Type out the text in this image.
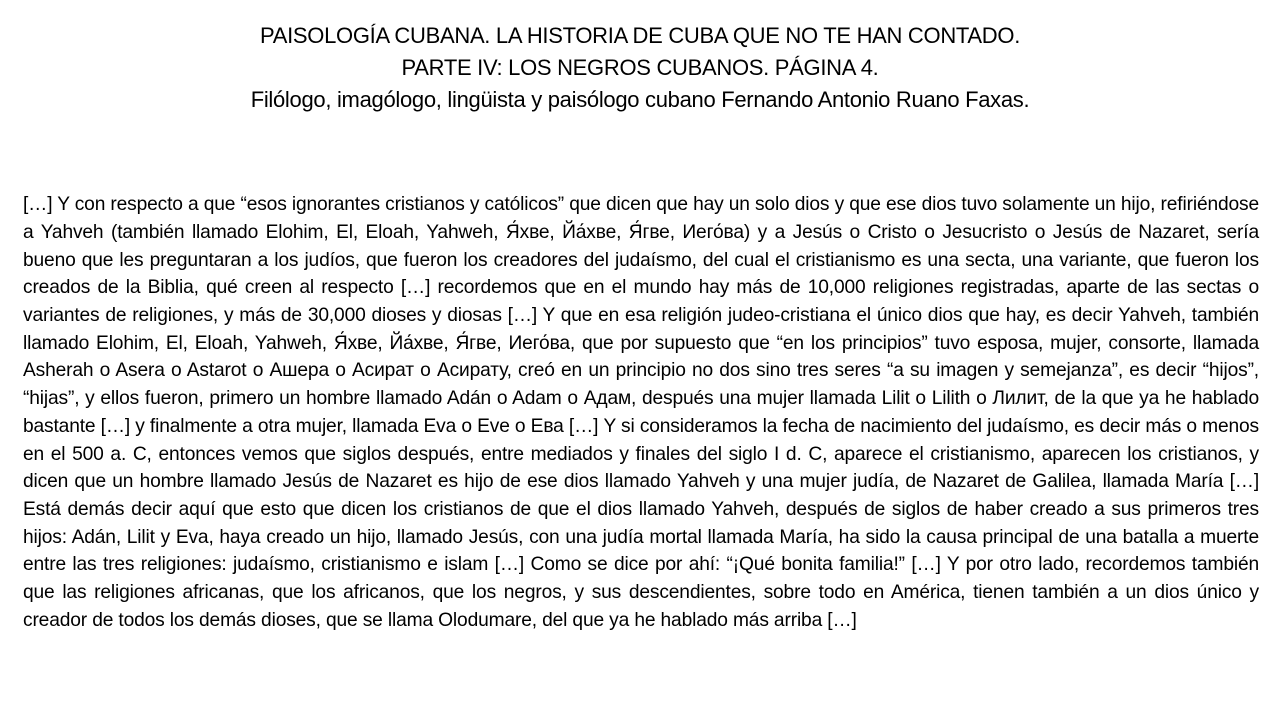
PAISOLOGÍA CUBANA. LA HISTORIA DE CUBA QUE NO TE HAN CONTADO.
PARTE IV: LOS NEGROS CUBANOS. PÁGINA 4.
Filólogo, imagólogo, lingüista y paisólogo cubano Fernando Antonio Ruano Faxas.

[…] Y con respecto a que “esos ignorantes cristianos y católicos” que dicen que hay un solo dios y que ese dios tuvo solamente un hijo, refiriéndose a Yahveh (también llamado Elohim, El, Eloah, Yahweh, Я́хве, Йа́хве, Я́гве, Иего́ва) y a Jesús o Cristo o Jesucristo o Jesús de Nazaret, sería bueno que les preguntaran a los judíos, que fueron los creadores del judaísmo, del cual el cristianismo es una secta, una variante, que fueron los creados de la Biblia, qué creen al respecto […] recordemos que en el mundo hay más de 10,000 religiones registradas, aparte de las sectas o variantes de religiones, y más de 30,000 dioses y diosas […] Y que en esa religión judeo-cristiana el único dios que hay, es decir Yahveh, también llamado Elohim, El, Eloah, Yahweh, Я́хве, Йа́хве, Я́гве, Иего́ва, que por supuesto que “en los principios” tuvo esposa, mujer, consorte, llamada Asherah o Asera o Astarot o Ашера o Асират o Асирату, creó en un principio no dos sino tres seres “a su imagen y semejanza”, es decir “hijos”, “hijas”, y ellos fueron, primero un hombre llamado Adán o Adam o Адам, después una mujer llamada Lilit o Lilith o Лилит, de la que ya he hablado bastante […] y finalmente a otra mujer, llamada Eva o Eve o Ева […] Y si consideramos la fecha de nacimiento del judaísmo, es decir más o menos en el 500 a. C, entonces vemos que siglos después, entre mediados y finales del siglo I d. C, aparece el cristianismo, aparecen los cristianos, y dicen que un hombre llamado Jesús de Nazaret es hijo de ese dios llamado Yahveh y una mujer judía, de Nazaret de Galilea, llamada María […] Está demás decir aquí que esto que dicen los cristianos de que el dios llamado Yahveh, después de siglos de haber creado a sus primeros tres hijos: Adán, Lilit y Eva, haya creado un hijo, llamado Jesús, con una judía mortal llamada María, ha sido la causa principal de una batalla a muerte entre las tres religiones: judaísmo, cristianismo e islam […] Como se dice por ahí: “¡Qué bonita familia!” […] Y por otro lado, recordemos también que las religiones africanas, que los africanos, que los negros, y sus descendientes, sobre todo en América, tienen también a un dios único y creador de todos los demás dioses, que se llama Olodumare, del que ya he hablado más arriba […]
